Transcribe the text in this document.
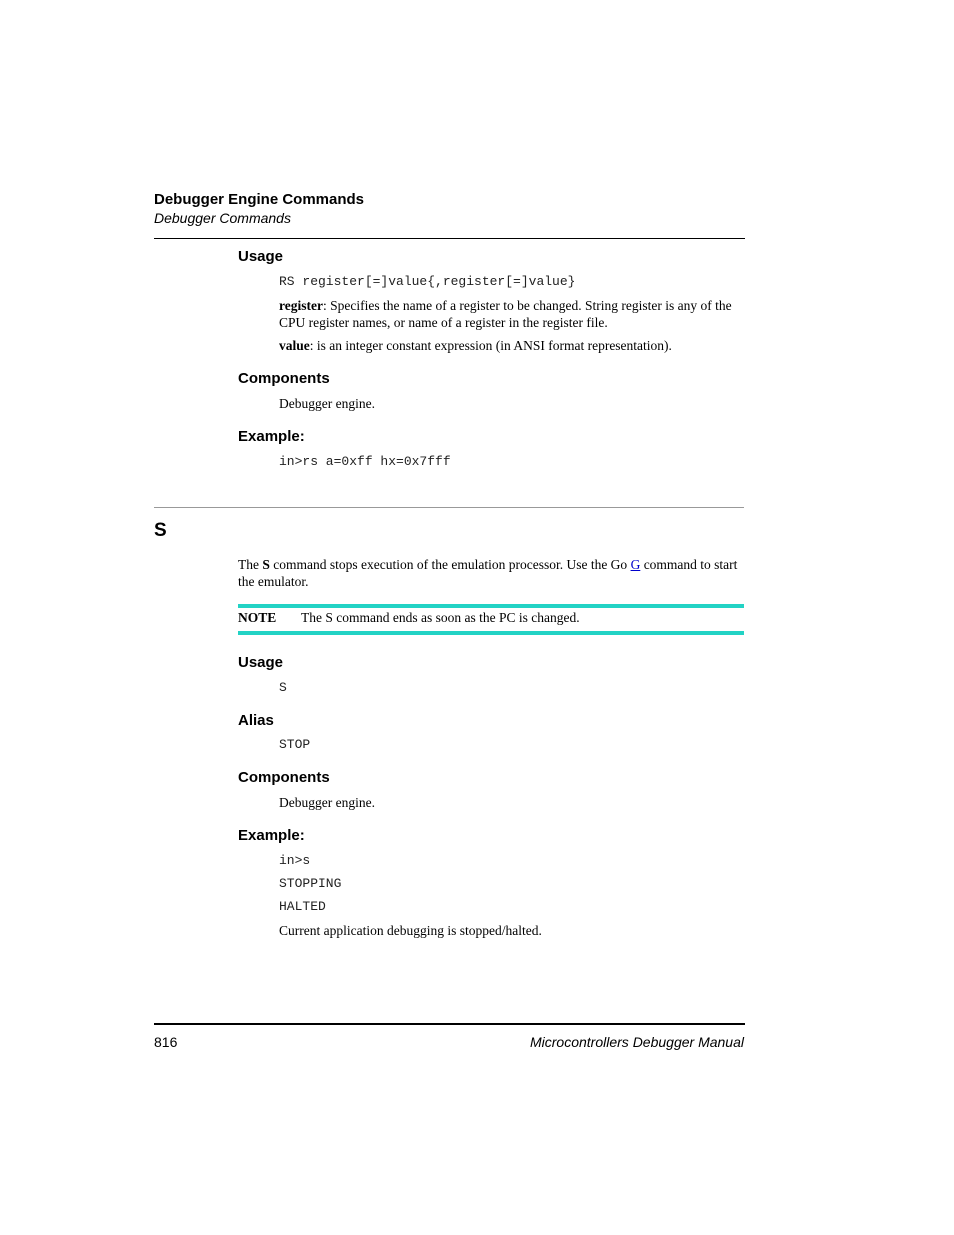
Debugger Engine Commands
Debugger Commands
Usage
RS register[=]value{,register[=]value}
register: Specifies the name of a register to be changed. String register is any of the CPU register names, or name of a register in the register file.
value: is an integer constant expression (in ANSI format representation).
Components
Debugger engine.
Example:
in>rs a=0xff hx=0x7fff
S
The S command stops execution of the emulation processor. Use the Go G command to start the emulator.
NOTE The S command ends as soon as the PC is changed.
Usage
S
Alias
STOP
Components
Debugger engine.
Example:
in>s
STOPPING
HALTED
Current application debugging is stopped/halted.
816	Microcontrollers Debugger Manual
